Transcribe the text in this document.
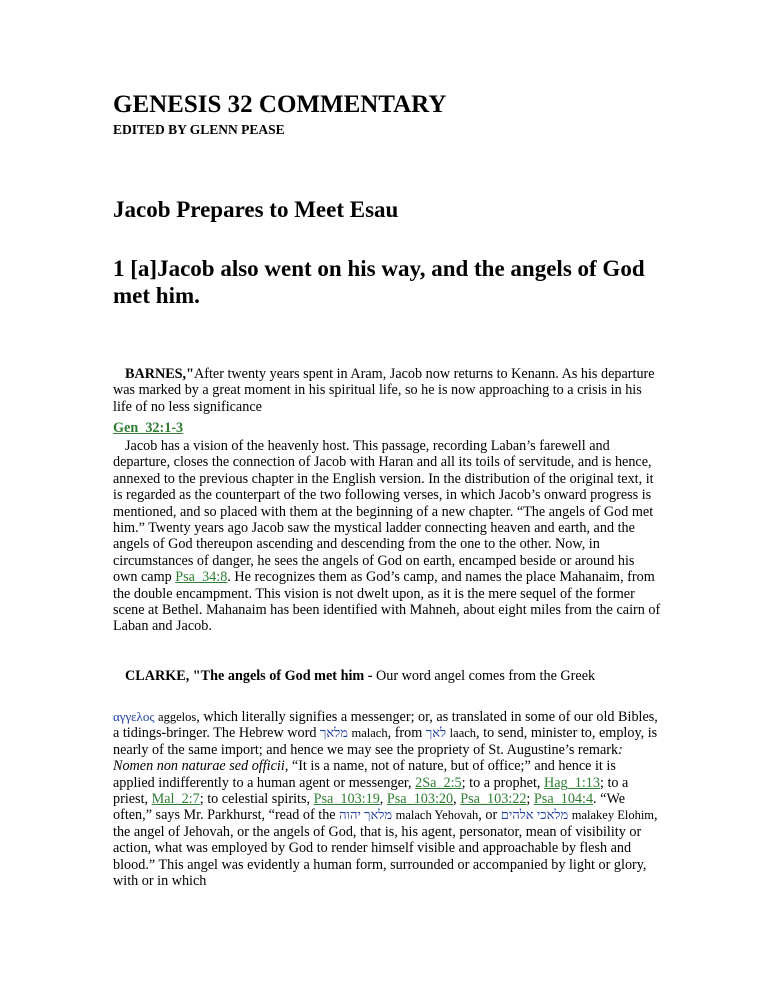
GENESIS 32 COMMENTARY
EDITED BY GLENN PEASE
Jacob Prepares to Meet Esau
1 [a]Jacob also went on his way, and the angels of God met him.

BARNES,"After twenty years spent in Aram, Jacob now returns to Kenann. As his departure was marked by a great moment in his spiritual life, so he is now approaching to a crisis in his life of no less significance

Gen_32:1-3

Jacob has a vision of the heavenly host. This passage, recording Laban’s farewell and departure, closes the connection of Jacob with Haran and all its toils of servitude, and is hence, annexed to the previous chapter in the English version. In the distribution of the original text, it is regarded as the counterpart of the two following verses, in which Jacob’s onward progress is mentioned, and so placed with them at the beginning of a new chapter. “The angels of God met him.” Twenty years ago Jacob saw the mystical ladder connecting heaven and earth, and the angels of God thereupon ascending and descending from the one to the other. Now, in circumstances of danger, he sees the angels of God on earth, encamped beside or around his own camp Psa_34:8. He recognizes them as God’s camp, and names the place Mahanaim, from the double encampment. This vision is not dwelt upon, as it is the mere sequel of the former scene at Bethel. Mahanaim has been identified with Mahneh, about eight miles from the cairn of Laban and Jacob.

CLARKE, "The angels of God met him - Our word angel comes from the Greek

αγγελος aggelos, which literally signifies a messenger; or, as translated in some of our old Bibles, a tidings-bringer. The Hebrew word מלאך malach, from לאך laach, to send, minister to, employ, is nearly of the same import; and hence we may see the propriety of St. Augustine’s remark: Nomen non naturae sed officii, “It is a name, not of nature, but of office;” and hence it is applied indifferently to a human agent or messenger, 2Sa_2:5; to a prophet, Hag_1:13; to a priest, Mal_2:7; to celestial spirits, Psa_103:19, Psa_103:20, Psa_103:22; Psa_104:4. “We often,” says Mr. Parkhurst, “read of the מלאך יהוה malach Yehovah, or מלאכי אלהים malakey Elohim, the angel of Jehovah, or the angels of God, that is, his agent, personator, mean of visibility or action, what was employed by God to render himself visible and approachable by flesh and blood.” This angel was evidently a human form, surrounded or accompanied by light or glory, with or in which
